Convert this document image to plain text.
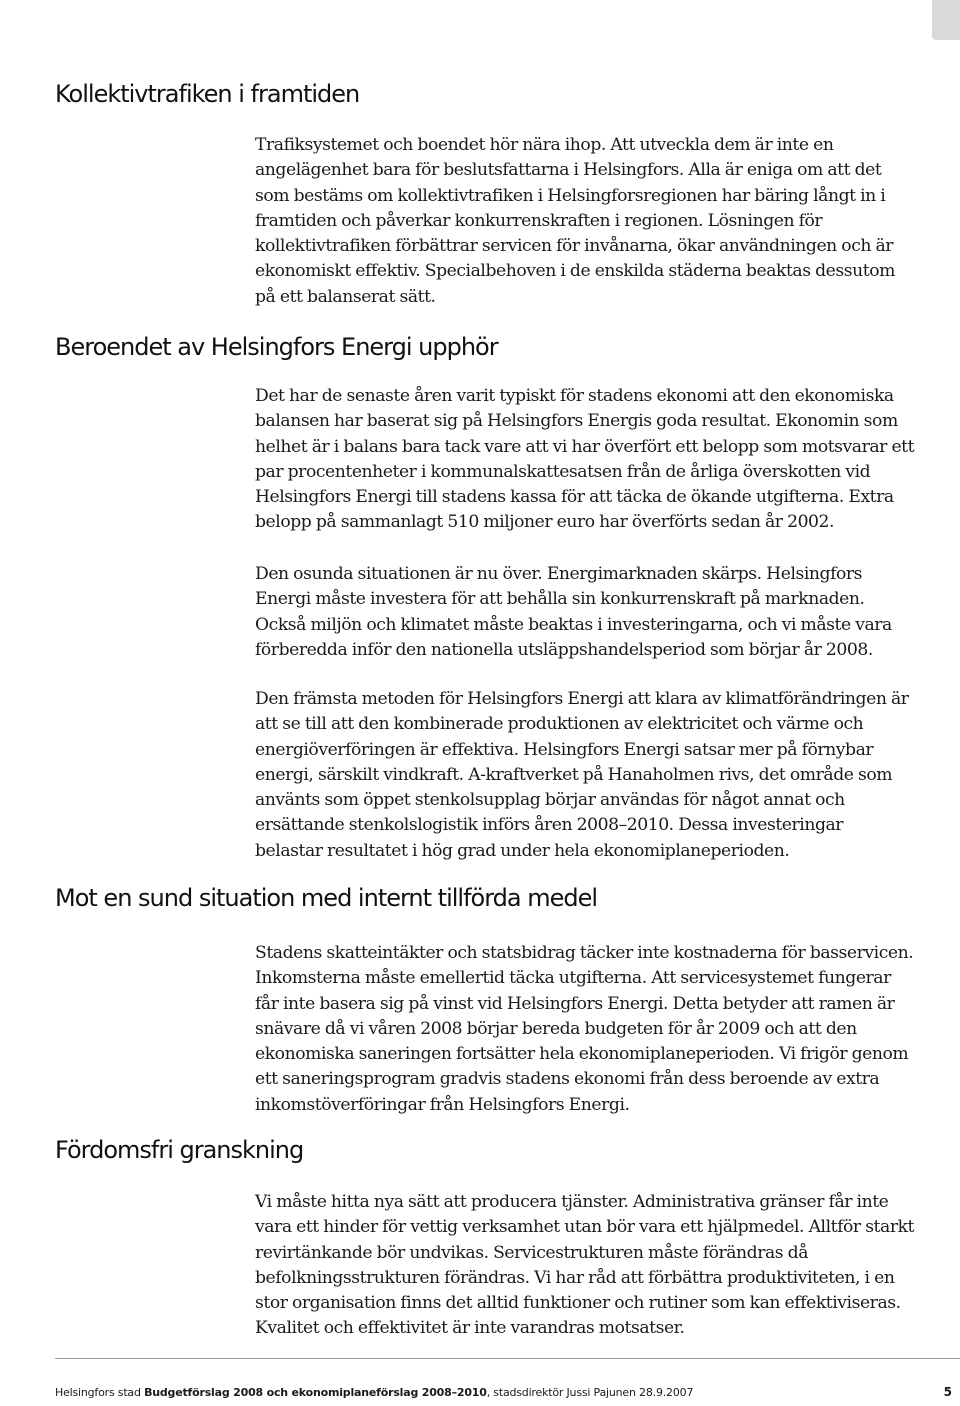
Kollektivtrafiken i framtiden

Trafiksystemet och boendet hör nära ihop. Att utveckla dem är inte en angelägenhet bara för beslutsfattarna i Helsingfors. Alla är eniga om att det som bestäms om kollektivtrafiken i Helsingforsregionen har bäring långt in i framtiden och påverkar konkurrenskraften i regionen. Lösningen för kollektivtrafiken förbättrar servicen för invånarna, ökar användningen och är ekonomiskt effektiv. Specialbehoven i de enskilda städerna beaktas dessutom på ett balanserat sätt.

Beroendet av Helsingfors Energi upphör

Det har de senaste åren varit typiskt för stadens ekonomi att den ekonomiska balansen har baserat sig på Helsingfors Energis goda resultat. Ekonomin som helhet är i balans bara tack vare att vi har överfört ett belopp som motsvarar ett par procentenheter i kommunalskattesatsen från de årliga överskotten vid Helsingfors Energi till stadens kassa för att täcka de ökande utgifterna. Extra belopp på sammanlagt 510 miljoner euro har överförts sedan år 2002.

Den osunda situationen är nu över. Energimarknaden skärps. Helsingfors Energi måste investera för att behålla sin konkurrenskraft på marknaden. Också miljön och klimatet måste beaktas i investeringarna, och vi måste vara förberedda inför den nationella utsläppshandelsperiod som börjar år 2008.

Den främsta metoden för Helsingfors Energi att klara av klimatförändringen är att se till att den kombinerade produktionen av elektricitet och värme och energiöverföringen är effektiva. Helsingfors Energi satsar mer på förnybar energi, särskilt vindkraft. A-kraftverket på Hanaholmen rivs, det område som använts som öppet stenkolsupplag börjar användas för något annat och ersättande stenkolslogistik införs åren 2008–2010. Dessa investeringar belastar resultatet i hög grad under hela ekonomiplaneperioden.

Mot en sund situation med internt tillförda medel

Stadens skatteintäkter och statsbidrag täcker inte kostnaderna för basservicen. Inkomsterna måste emellertid täcka utgifterna. Att servicesystemet fungerar får inte basera sig på vinst vid Helsingfors Energi. Detta betyder att ramen är snävare då vi våren 2008 börjar bereda budgeten för år 2009 och att den ekonomiska saneringen fortsätter hela ekonomiplaneperioden. Vi frigör genom ett saneringsprogram gradvis stadens ekonomi från dess beroende av extra inkomstöverföringar från Helsingfors Energi.

Fördomsfri granskning

Vi måste hitta nya sätt att producera tjänster. Administrativa gränser får inte vara ett hinder för vettig verksamhet utan bör vara ett hjälpmedel. Alltför starkt revirtänkande bör undvikas. Servicestrukturen måste förändras då befolkningsstrukturen förändras. Vi har råd att förbättra produktiviteten, i en stor organisation finns det alltid funktioner och rutiner som kan effektiviseras. Kvalitet och effektivitet är inte varandras motsatser.

Helsingfors stad Budgetförslag 2008 och ekonomiplaneförslag 2008–2010, stadsdirektör Jussi Pajunen 28.9.2007	5
